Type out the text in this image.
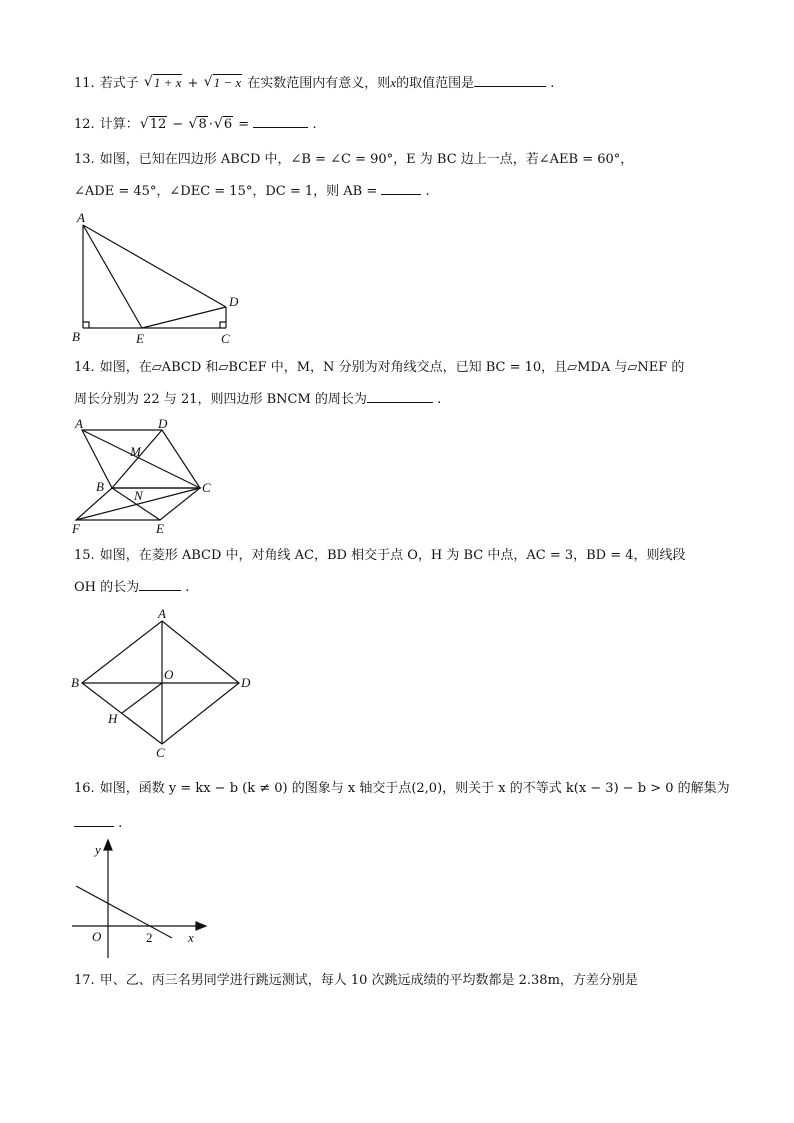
11. 若式子 √ 1 + x + √ 1 − x 在实数范围内有意义，则x的取值范围是	.
12. 计算： √ 12 − √ 8 · √ 6 =	.
13. 如图，已知在四边形 ABCD 中，∠B = ∠C = 90°，E 为 BC 边上一点，若∠AEB = 60°，
∠ADE = 45°，∠DEC = 15°，DC = 1，则 AB =	.
A
B	E	C
D
14. 如图，在▱ABCD 和▱BCEF 中，M，N 分别为对角线交点，已知 BC = 10，且▱MDA 与▱NEF 的
周长分别为 22 与 21，则四边形 BNCM 的周长为	.
A	D
M
B
N
C
F	E
15. 如图，在菱形 ABCD 中，对角线 AC，BD 相交于点 O，H 为 BC 中点，AC = 3，BD = 4，则线段
OH 的长为	.
A
B
O
D
H
C
16. 如图，函数 y = kx − b (k ≠ 0) 的图象与 x 轴交于点(2,0)，则关于 x 的不等式 k(x − 3) − b > 0 的解集为
.
y
O	2	x
17. 甲、乙、丙三名男同学进行跳远测试，每人 10 次跳远成绩的平均数都是 2.38m，方差分别是
